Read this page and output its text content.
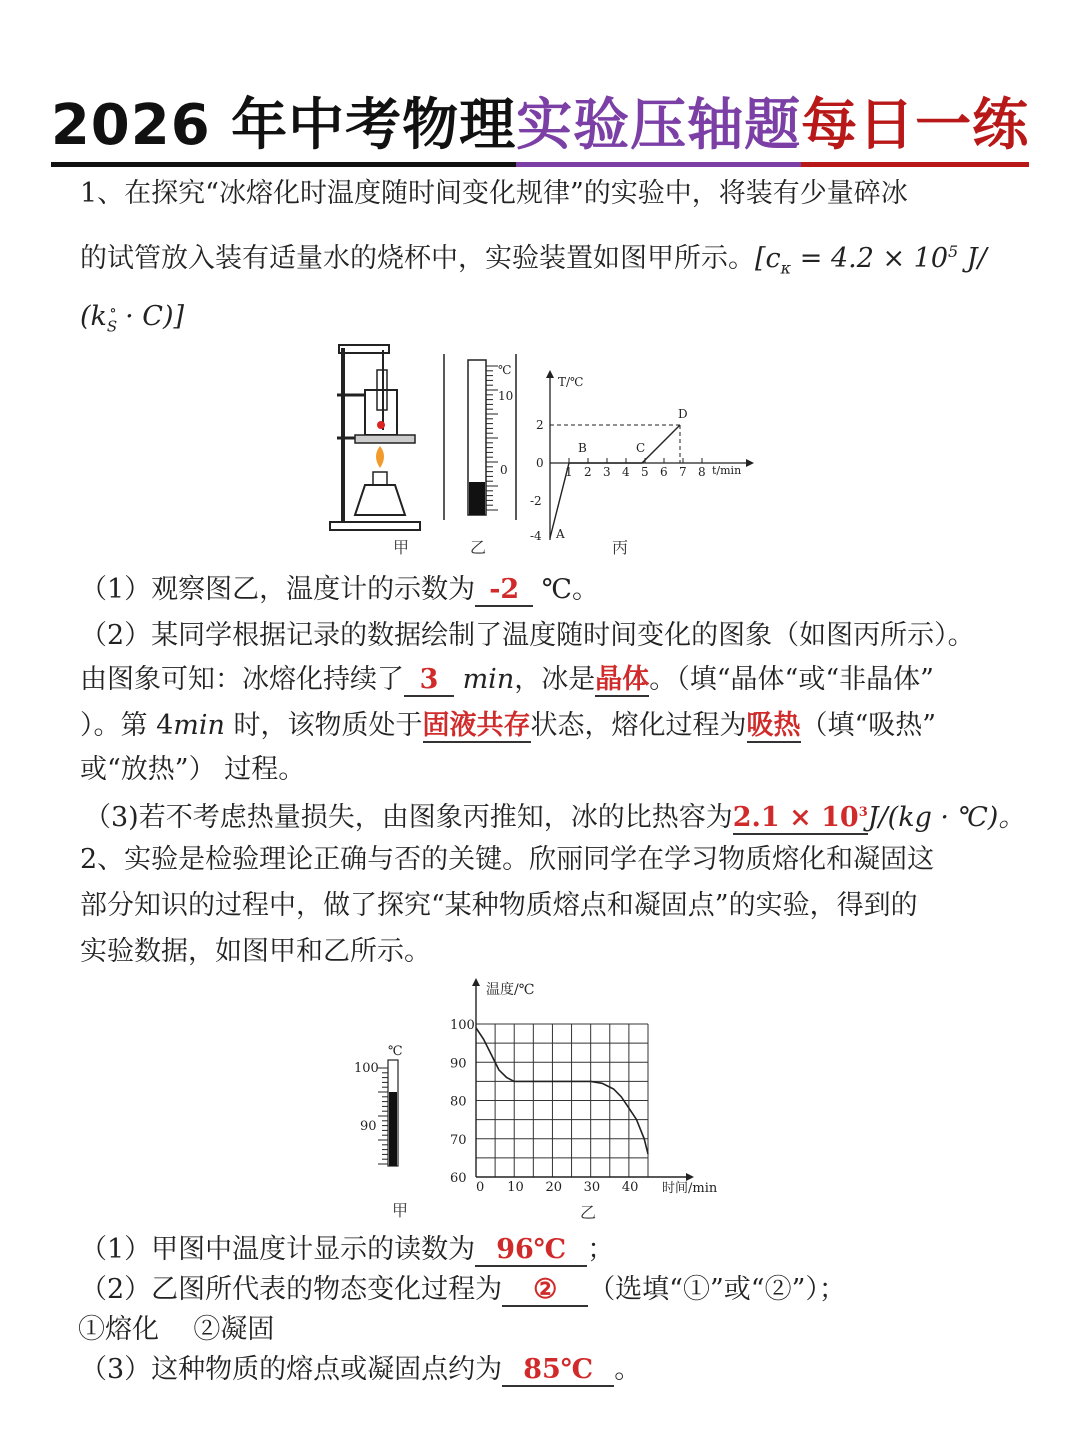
2026 年中考物理实验压轴题每日一练
1、在探究“冰熔化时温度随时间变化规律”的实验中，将装有少量碎冰
的试管放入装有适量水的烧杯中，实验装置如图甲所示。[$c_\kappa = 4.2 \times 10^5$ J/
$(k_S^\circ \cdot C)$]
甲
℃
10
0
乙
T/℃
t/min
2
0
-2
-4
1 2 3 4 5 6 7 8
A
B	C
D
丙
（1）观察图乙，温度计的示数为 -2 ℃。
（2）某同学根据记录的数据绘制了温度随时间变化的图象（如图丙所示）。
由图象可知：冰熔化持续了 3 min，冰是晶体。（填“晶体“或“非晶体”
）。第 4min 时，该物质处于固液共存状态，熔化过程为吸热（填“吸热”
或“放热”） 过程。
（3)若不考虑热量损失，由图象丙推知，冰的比热容为$2.1 \times 10^3J/(kg$ · ℃)。
2、实验是检验理论正确与否的关键。欣丽同学在学习物质熔化和凝固这
部分知识的过程中，做了探究“某种物质熔点和凝固点”的实验，得到的
实验数据，如图甲和乙所示。
℃
100
90
甲
100
90
80
70
60
0 10 20 30 40
温度/℃
时间/min
乙
（1）甲图中温度计显示的读数为 96℃ ；
（2）乙图所代表的物态变化过程为 ② （选填“①”或“②”）；
①熔化    ②凝固
（3）这种物质的熔点或凝固点约为 85℃ 。
